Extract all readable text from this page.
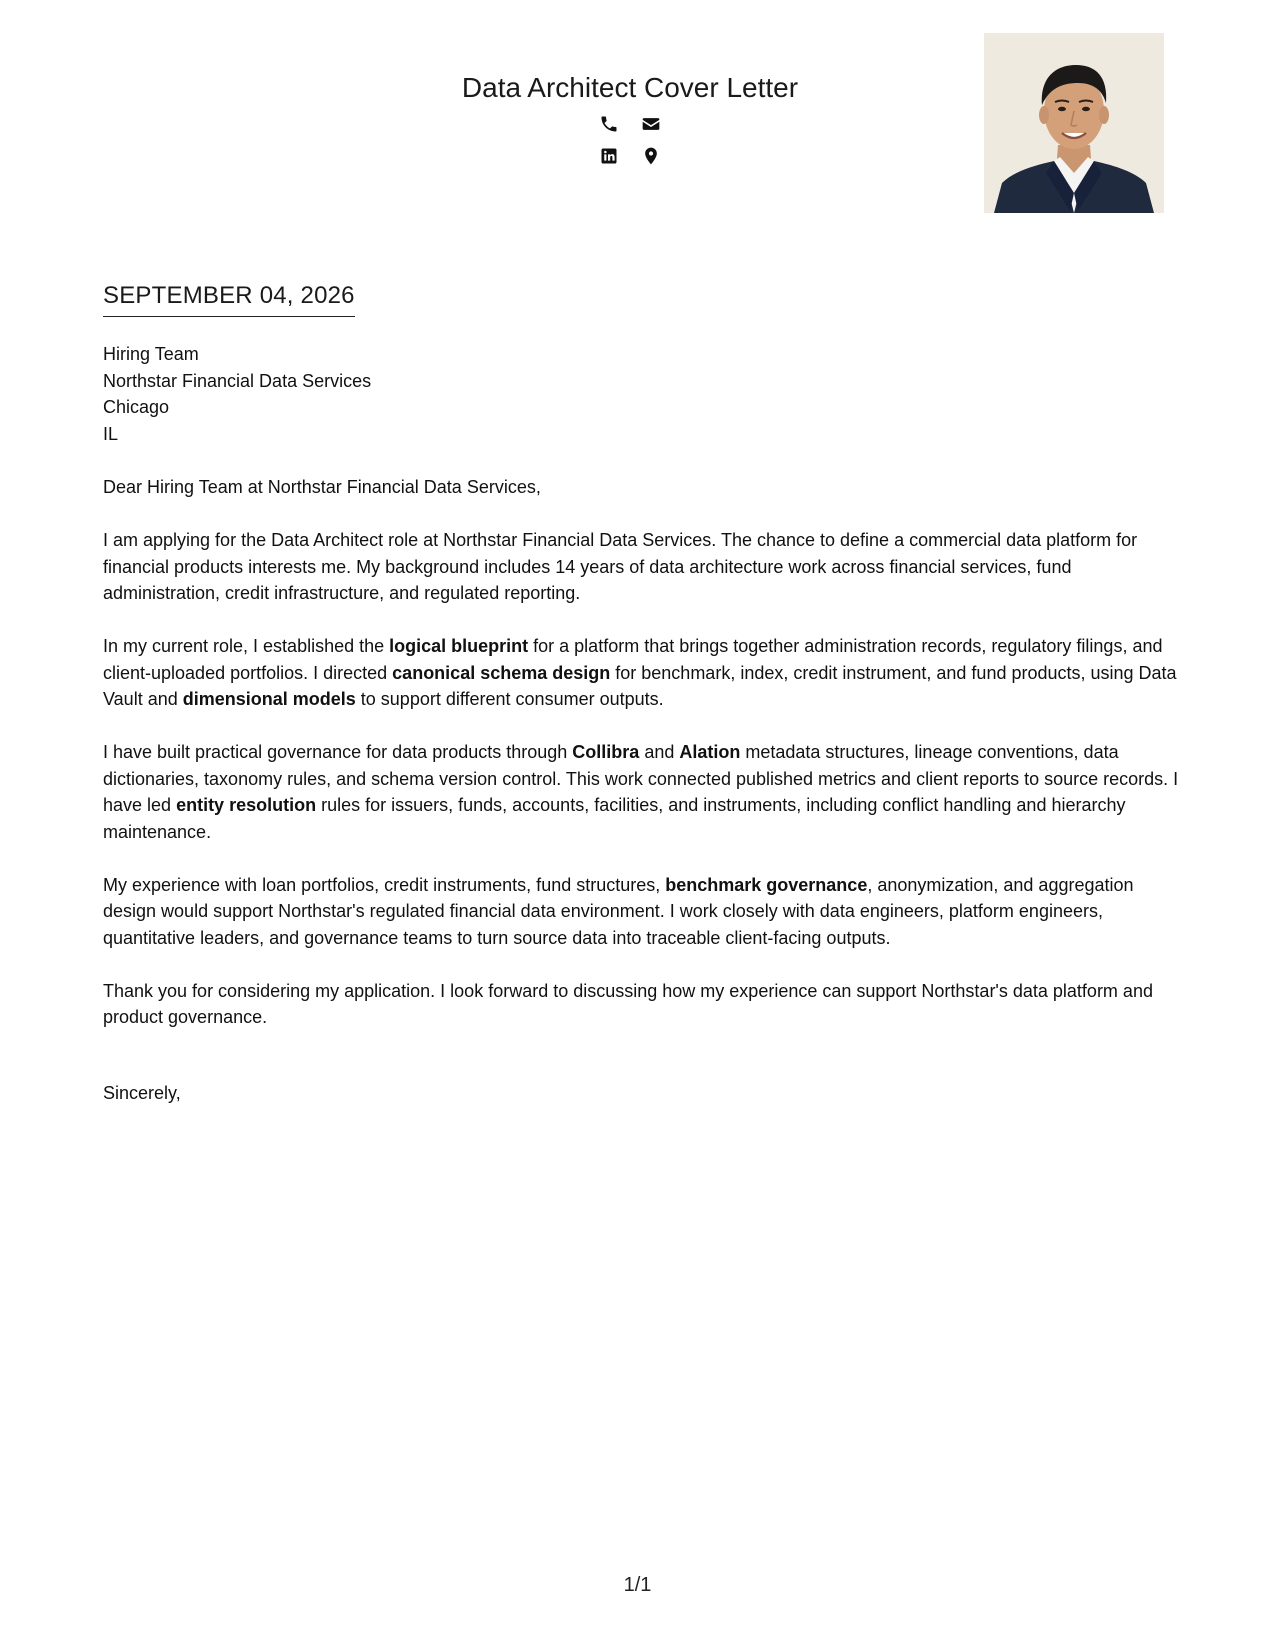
Data Architect Cover Letter

SEPTEMBER 04, 2026
Hiring Team
Northstar Financial Data Services
Chicago
IL

Dear Hiring Team at Northstar Financial Data Services,

I am applying for the Data Architect role at Northstar Financial Data Services. The chance to define a commercial data platform for financial products interests me. My background includes 14 years of data architecture work across financial services, fund administration, credit infrastructure, and regulated reporting.

In my current role, I established the logical blueprint for a platform that brings together administration records, regulatory filings, and client-uploaded portfolios. I directed canonical schema design for benchmark, index, credit instrument, and fund products, using Data Vault and dimensional models to support different consumer outputs.

I have built practical governance for data products through Collibra and Alation metadata structures, lineage conventions, data dictionaries, taxonomy rules, and schema version control. This work connected published metrics and client reports to source records. I have led entity resolution rules for issuers, funds, accounts, facilities, and instruments, including conflict handling and hierarchy maintenance.

My experience with loan portfolios, credit instruments, fund structures, benchmark governance, anonymization, and aggregation design would support Northstar's regulated financial data environment. I work closely with data engineers, platform engineers, quantitative leaders, and governance teams to turn source data into traceable client-facing outputs.

Thank you for considering my application. I look forward to discussing how my experience can support Northstar's data platform and product governance.

Sincerely,
1/1
